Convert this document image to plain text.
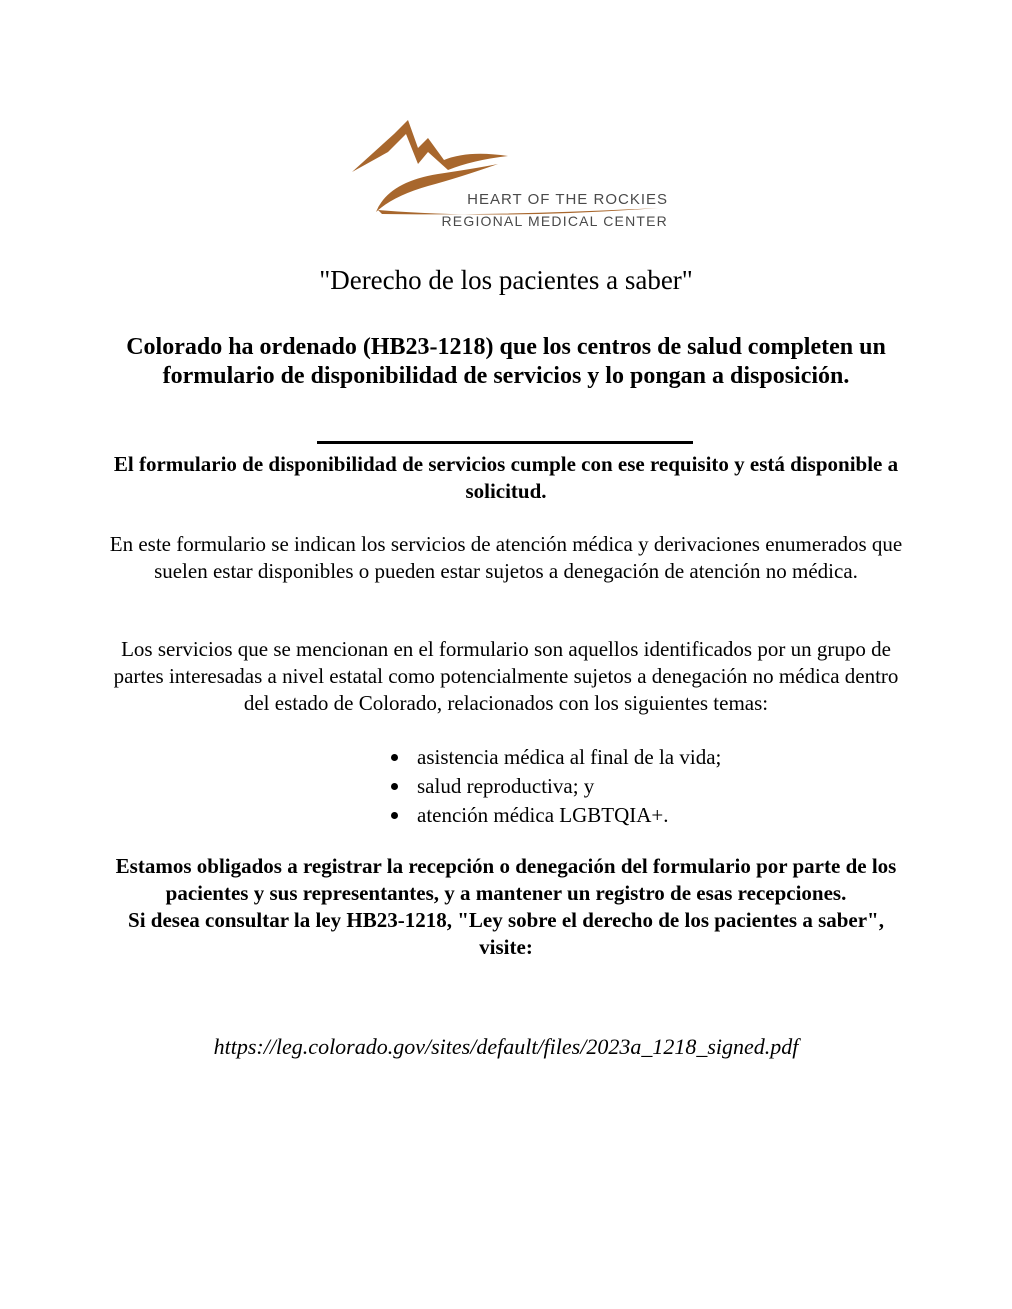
HEART OF THE ROCKIES
REGIONAL MEDICAL CENTER
"Derecho de los pacientes a saber"
Colorado ha ordenado (HB23-1218) que los centros de salud completen un formulario de disponibilidad de servicios y lo pongan a disposición.
El formulario de disponibilidad de servicios cumple con ese requisito y está disponible a solicitud.
En este formulario se indican los servicios de atención médica y derivaciones enumerados que suelen estar disponibles o pueden estar sujetos a denegación de atención no médica.
Los servicios que se mencionan en el formulario son aquellos identificados por un grupo de partes interesadas a nivel estatal como potencialmente sujetos a denegación no médica dentro del estado de Colorado, relacionados con los siguientes temas:
asistencia médica al final de la vida;
salud reproductiva; y
atención médica LGBTQIA+.
Estamos obligados a registrar la recepción o denegación del formulario por parte de los pacientes y sus representantes, y a mantener un registro de esas recepciones.
Si desea consultar la ley HB23-1218, "Ley sobre el derecho de los pacientes a saber", visite:
https://leg.colorado.gov/sites/default/files/2023a_1218_signed.pdf
